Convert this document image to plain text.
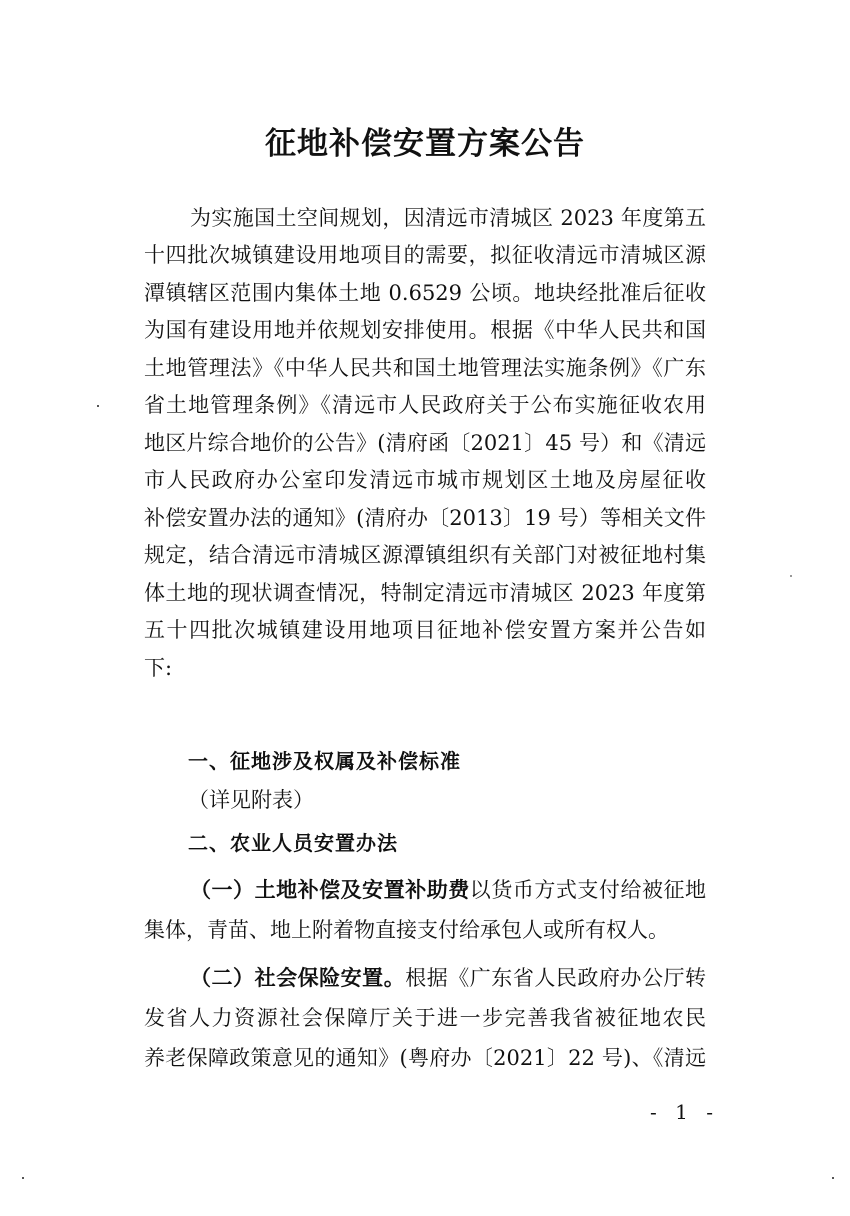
征地补偿安置方案公告
为实施国土空间规划，因清远市清城区 2023 年度第五
十四批次城镇建设用地项目的需要，拟征收清远市清城区源
潭镇辖区范围内集体土地 0.6529 公顷。地块经批准后征收
为国有建设用地并依规划安排使用。根据《中华人民共和国
土地管理法》《中华人民共和国土地管理法实施条例》《广东
省土地管理条例》《清远市人民政府关于公布实施征收农用
地区片综合地价的公告》(清府函〔2021〕45 号）和《清远
市人民政府办公室印发清远市城市规划区土地及房屋征收
补偿安置办法的通知》(清府办〔2013〕19 号）等相关文件
规定，结合清远市清城区源潭镇组织有关部门对被征地村集
体土地的现状调查情况，特制定清远市清城区 2023 年度第
五十四批次城镇建设用地项目征地补偿安置方案并公告如
下:
一、征地涉及权属及补偿标准
（详见附表）
二、农业人员安置办法
（一）土地补偿及安置补助费以货币方式支付给被征地
集体，青苗、地上附着物直接支付给承包人或所有权人。
（二）社会保险安置。根据《广东省人民政府办公厅转
发省人力资源社会保障厅关于进一步完善我省被征地农民
养老保障政策意见的通知》(粤府办〔2021〕22 号)、《清远
- 1 -
